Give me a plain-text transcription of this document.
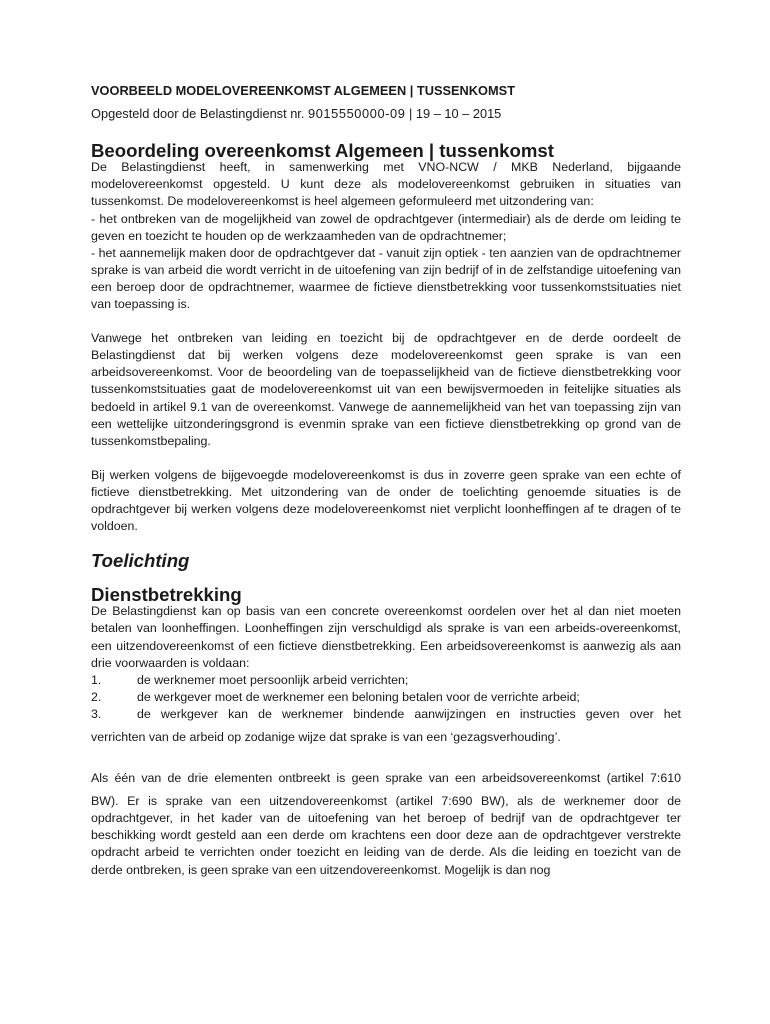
VOORBEELD MODELOVEREENKOMST ALGEMEEN | TUSSENKOMST
Opgesteld door de Belastingdienst nr. 9015550000-09 | 19 – 10 – 2015
Beoordeling overeenkomst Algemeen | tussenkomst

De Belastingdienst heeft, in samenwerking met VNO-NCW / MKB Nederland, bijgaande modelovereenkomst opgesteld. U kunt deze als modelovereenkomst gebruiken in situaties van tussenkomst. De modelovereenkomst is heel algemeen geformuleerd met uitzondering van:

- het ontbreken van de mogelijkheid van zowel de opdrachtgever (intermediair) als de derde om leiding te geven en toezicht te houden op de werkzaamheden van de opdrachtnemer;

- het aannemelijk maken door de opdrachtgever dat - vanuit zijn optiek - ten aanzien van de opdrachtnemer sprake is van arbeid die wordt verricht in de uitoefening van zijn bedrijf of in de zelfstandige uitoefening van een beroep door de opdrachtnemer, waarmee de fictieve dienstbetrekking voor tussenkomstsituaties niet van toepassing is.

Vanwege het ontbreken van leiding en toezicht bij de opdrachtgever en de derde oordeelt de Belastingdienst dat bij werken volgens deze modelovereenkomst geen sprake is van een arbeidsovereenkomst. Voor de beoordeling van de toepasselijkheid van de fictieve dienstbetrekking voor tussenkomstsituaties gaat de modelovereenkomst uit van een bewijsvermoeden in feitelijke situaties als bedoeld in artikel 9.1 van de overeenkomst. Vanwege de aannemelijkheid van het van toepassing zijn van een wettelijke uitzonderingsgrond is evenmin sprake van een fictieve dienstbetrekking op grond van de tussenkomstbepaling.

Bij werken volgens de bijgevoegde modelovereenkomst is dus in zoverre geen sprake van een echte of fictieve dienstbetrekking. Met uitzondering van de onder de toelichting genoemde situaties is de opdrachtgever bij werken volgens deze modelovereenkomst niet verplicht loonheffingen af te dragen of te voldoen.

Toelichting
Dienstbetrekking

De Belastingdienst kan op basis van een concrete overeenkomst oordelen over het al dan niet moeten betalen van loonheffingen. Loonheffingen zijn verschuldigd als sprake is van een arbeids-overeenkomst, een uitzendovereenkomst of een fictieve dienstbetrekking. Een arbeidsovereenkomst is aanwezig als aan drie voorwaarden is voldaan:

1.	de werknemer moet persoonlijk arbeid verrichten;
2.	de werkgever moet de werknemer een beloning betalen voor de verrichte arbeid;
3.	de werkgever kan de werknemer bindende aanwijzingen en instructies geven over het

verrichten van de arbeid op zodanige wijze dat sprake is van een ‘gezagsverhouding’.

Als één van de drie elementen ontbreekt is geen sprake van een arbeidsovereenkomst (artikel 7:610

BW). Er is sprake van een uitzendovereenkomst (artikel 7:690 BW), als de werknemer door de opdrachtgever, in het kader van de uitoefening van het beroep of bedrijf van de opdrachtgever ter beschikking wordt gesteld aan een derde om krachtens een door deze aan de opdrachtgever verstrekte opdracht arbeid te verrichten onder toezicht en leiding van de derde. Als die leiding en toezicht van de derde ontbreken, is geen sprake van een uitzendovereenkomst. Mogelijk is dan nog
